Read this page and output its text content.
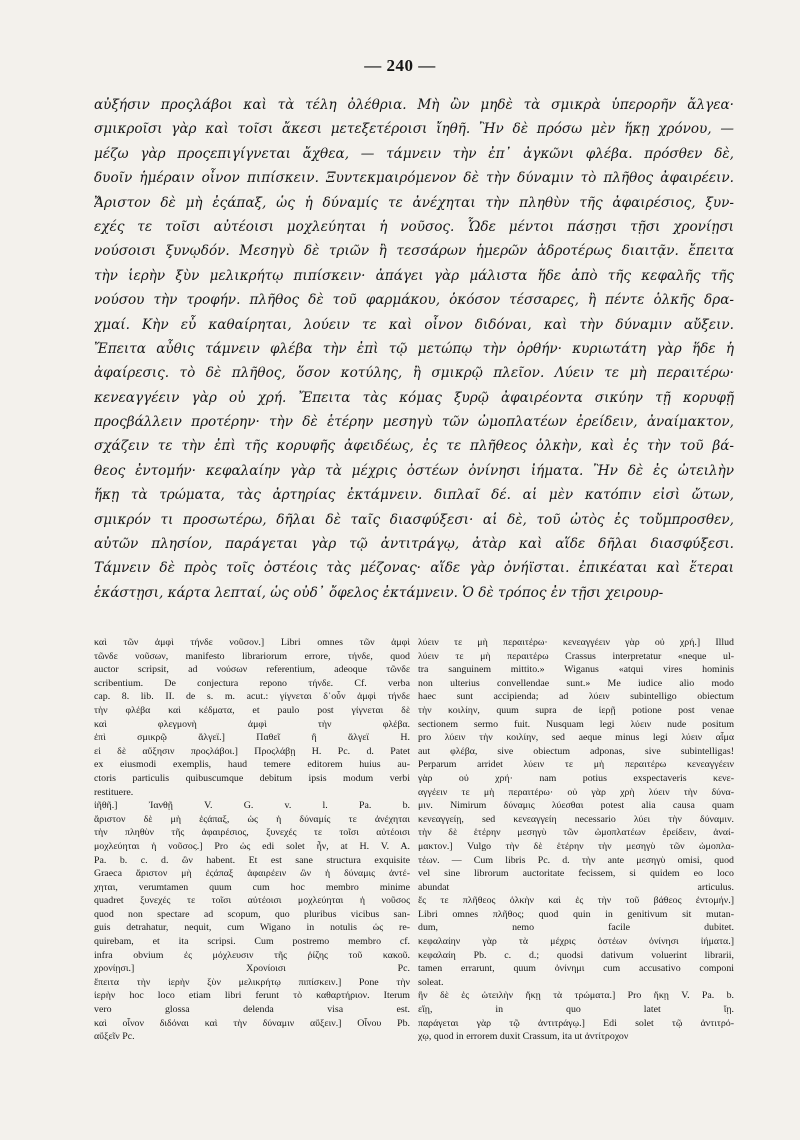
— 240 —
αὐξήσιν προςλάβοι καὶ τὰ τέλη ὀλέθρια. Μὴ ὢν μηδὲ τὰ σμικρὰ ὑπερορῆν ἄλγεα·
σμικροῖσι γὰρ καὶ τοῖσι ἄκεσι μετεξετέροισι ἴηθῆ. Ἢν δὲ πρόσω μὲν ἥκῃ χρόνου, —
μέζω γὰρ προςεπιγίγνεται ἄχθεα, — τάμνειν τὴν ἐπ᾽ ἀγκῶνι φλέβα. πρόσθεν δὲ,
δυοῖν ἡμέραιν οἶνον πιπίσκειν. Ξυντεκμαιρόμενον δὲ τὴν δύναμιν τὸ πλῆθος ἀφαιρέειν.
Ἄριστον δὲ μὴ ἐςάπαξ, ὡς ἡ δύναμίς τε ἀνέχηται τὴν πληθὺν τῆς ἀφαιρέσιος, ξυν-
εχές τε τοῖσι αὐτέοισι μοχλεύηται ἡ νοῦσος. Ὧδε μέντοι πάσῃσι τῇσι χρονίῃσι
νούσοισι ξυνῳδόν. Μεσηγὺ δὲ τριῶν ἢ τεσσάρων ἡμερῶν ἁδροτέρως διαιτᾷν. ἔπειτα
τὴν ἱερὴν ξὺν μελικρήτῳ πιπίσκειν· ἀπάγει γὰρ μάλιστα ἥδε ἀπὸ τῆς κεφαλῆς τῆς
νούσου τὴν τροφήν. πλῆθος δὲ τοῦ φαρμάκου, ὁκόσον τέσσαρες, ἢ πέντε ὁλκῆς δρα-
χμαί. Κὴν εὖ καθαίρηται, λούειν τε καὶ οἶνον διδόναι, καὶ τὴν δύναμιν αὔξειν.
Ἔπειτα αὖθις τάμνειν φλέβα τὴν ἐπὶ τῷ μετώπῳ τὴν ὀρθήν· κυριωτάτη γὰρ ἥδε ἡ
ἀφαίρεσις. τὸ δὲ πλῆθος, ὅσον κοτύλης, ἢ σμικρῷ πλεῖον. Λύειν τε μὴ περαιτέρω·
κενεαγγέειν γὰρ οὐ χρή. Ἔπειτα τὰς κόμας ξυρῷ ἀφαιρέοντα σικύην τῇ κορυφῇ
προςβάλλειν προτέρην· τὴν δὲ ἑτέρην μεσηγὺ τῶν ὠμοπλατέων ἐρείδειν, ἀναίμακτον,
σχάζειν τε τὴν ἐπὶ τῆς κορυφῆς ἀφειδέως, ἐς τε πλῆθεος ὁλκὴν, καὶ ἐς τὴν τοῦ βά-
θεος ἐντομήν· κεφαλαίην γὰρ τὰ μέχρις ὀστέων ὀνίνησι ἰήματα. Ἢν δὲ ἐς ὠτειλὴν
ἥκῃ τὰ τρώματα, τὰς ἀρτηρίας ἐκτάμνειν. διπλαῖ δέ. αἱ μὲν κατόπιν εἰσὶ ὤτων,
σμικρόν τι προσωτέρω, δῆλαι δὲ ταῖς διασφύξεσι· αἱ δὲ, τοῦ ὠτὸς ἐς τοὔμπροσθεν,
αὐτῶν πλησίον, παράγεται γὰρ τῷ ἀντιτράγῳ, ἀτὰρ καὶ αἵδε δῆλαι διασφύξεσι.
Τάμνειν δὲ πρὸς τοῖς ὀστέοις τὰς μέζονας· αἵδε γὰρ ὀνήϊσται. ἐπικέαται καὶ ἕτεραι
ἑκάστῃσι, κάρτα λεπταί, ὡς οὐδ᾽ ὄφελος ἐκτάμνειν. Ὁ δὲ τρόπος ἐν τῇσι χειρουρ-
καὶ τῶν ἀμφὶ τήνδε νοῦσον.] Libri omnes τῶν ἀμφὶ
τῶνδε νοῦσων, manifesto librariorum errore, τήνδε, quod
auctor scripsit, ad νούσων referentium, adeoque τῶνδε
scribentium. De conjectura repono τήνδε. Cf. verba
cap. 8. lib. II. de s. m. acut.: γίγνεται δ᾽οὖν ἀμφὶ τήνδε
τὴν φλέβα καὶ κέδματα, et paulo post γίγνεται δὲ
καὶ φλεγμονὴ ἀμφὶ τὴν φλέβα.
ἐπὶ σμικρῷ ἄλγεϊ.] Παθεῖ ἢ ἄλγεϊ H.
εἰ δὲ αὔξησιν προςλάβοι.] Προςλάβῃ H. Pc. d. Patet
ex eiusmodi exemplis, haud temere editorem huius au-
ctoris particulis quibuscumque debitum ipsis modum verbi
restituere.
ἰῆθῆ.] Ἰανθῇ V. G. v. l. Pa. b.
ἄριστον δὲ μὴ ἐςάπαξ, ὡς ἡ δύναμίς τε ἀνέχηται
τὴν πληθὺν τῆς ἀφαιρέσιος, ξυνεχές τε τοῖσι αὐτέοισι
μοχλεύηται ἡ νοῦσος.] Pro ὡς edi solet ἦν, at H. V. A.
Pa. b. c. d. ὢν habent. Et est sane structura exquisite
Graeca ἄριστον μὴ ἐςάπαξ ἀφαιρέειν ὢν ἡ δύναμις ἀντέ-
χηται, verumtamen quum cum hoc membro minime
quadret ξυνεχές τε τοῖσι αὐτέοισι μοχλεύηται ἡ νοῦσος
quod non spectare ad scopum, quo pluribus vicibus san-
guis detrahatur, nequit, cum Wigano in notulis ὡς re-
quirebam, et ita scripsi. Cum postremo membro cf.
infra obvium ἐς μόχλευσιν τῆς ῥίζης τοῦ κακοῦ.
χρονίῃσι.] Χρονίοισι Pc.
ἔπειτα τὴν ἱερὴν ξὺν μελικρήτῳ πιπίσκειν.] Pone τὴν
ἱερὴν hoc loco etiam libri ferunt τὸ καθαρτήριον. Iterum
vero glossa delenda visa est.
καὶ οἶνον διδόναι καὶ τὴν δύναμιν αὔξειν.] Οἶνου Pb.
αὔξεῖν Pc.
λύειν τε μὴ περαιτέρω· κενεαγγέειν γὰρ οὐ χρή.] Illud
λύειν τε μὴ περαιτέρω Crassus interpretatur «neque ul-
tra sanguinem mittito.» Wiganus «atqui vires hominis
non ulterius convellendae sunt.» Me iudice alio modo
haec sunt accipienda; ad λύειν subintelligo obiectum
τὴν κοιλίην, quum supra de ἱερῇ potione post venae
sectionem sermo fuit. Nusquam legi λύειν nude positum
pro λύειν τὴν κοιλίην, sed aeque minus legi λύειν αἷμα
aut φλέβα, sive obiectum adponas, sive subintelligas!
Perparum arridet λύειν τε μὴ περαιτέρω κενεαγγέειν
γὰρ οὐ χρή· nam potius exspectaveris κενε-
αγγέειν τε μὴ περαιτέρω· οὐ γὰρ χρὴ λύειν τὴν δύνα-
μιν. Nimirum δύναμις λύεσθαι potest alia causa quam
κενεαγγείῃ, sed κενεαγγείη necessario λύει τὴν δύναμιν.
τὴν δὲ ἑτέρην μεσηγὺ τῶν ὠμοπλατέων ἐρείδειν, ἀναί-
μακτον.] Vulgo τὴν δὲ ἑτέρην τὴν μεσηγὺ τῶν ὠμοπλα-
τέων. — Cum libris Pc. d. τὴν ante μεσηγὺ omisi, quod
vel sine librorum auctoritate fecissem, si quidem eo loco
abundat articulus.
ἔς τε πλῆθεος ὁλκὴν καὶ ἐς τὴν τοῦ βάθεος ἐντομήν.]
Libri omnes πλῆθος; quod quin in genitivum sit mutan-
dum, nemo facile dubitet.
κεφαλαίην γὰρ τὰ μέχρις ὀστέων ὀνίνησι ἰήματα.]
κεφαλαίη Pb. c. d.; quodsi dativum voluerint librarii,
tamen errarunt, quum ὀνίνημι cum accusativo componi
soleat.
ἢν δὲ ἐς ὠτειλὴν ἥκῃ τὰ τρώματα.] Pro ἥκῃ V. Pa. b.
εἴῃ, in quo latet ἴῃ.
παράγεται γὰρ τῷ ἀντιτράγῳ.] Edi solet τῷ ἀντιτρό-
χῳ, quod in errorem duxit Crassum, ita ut ἀντίτροχον
